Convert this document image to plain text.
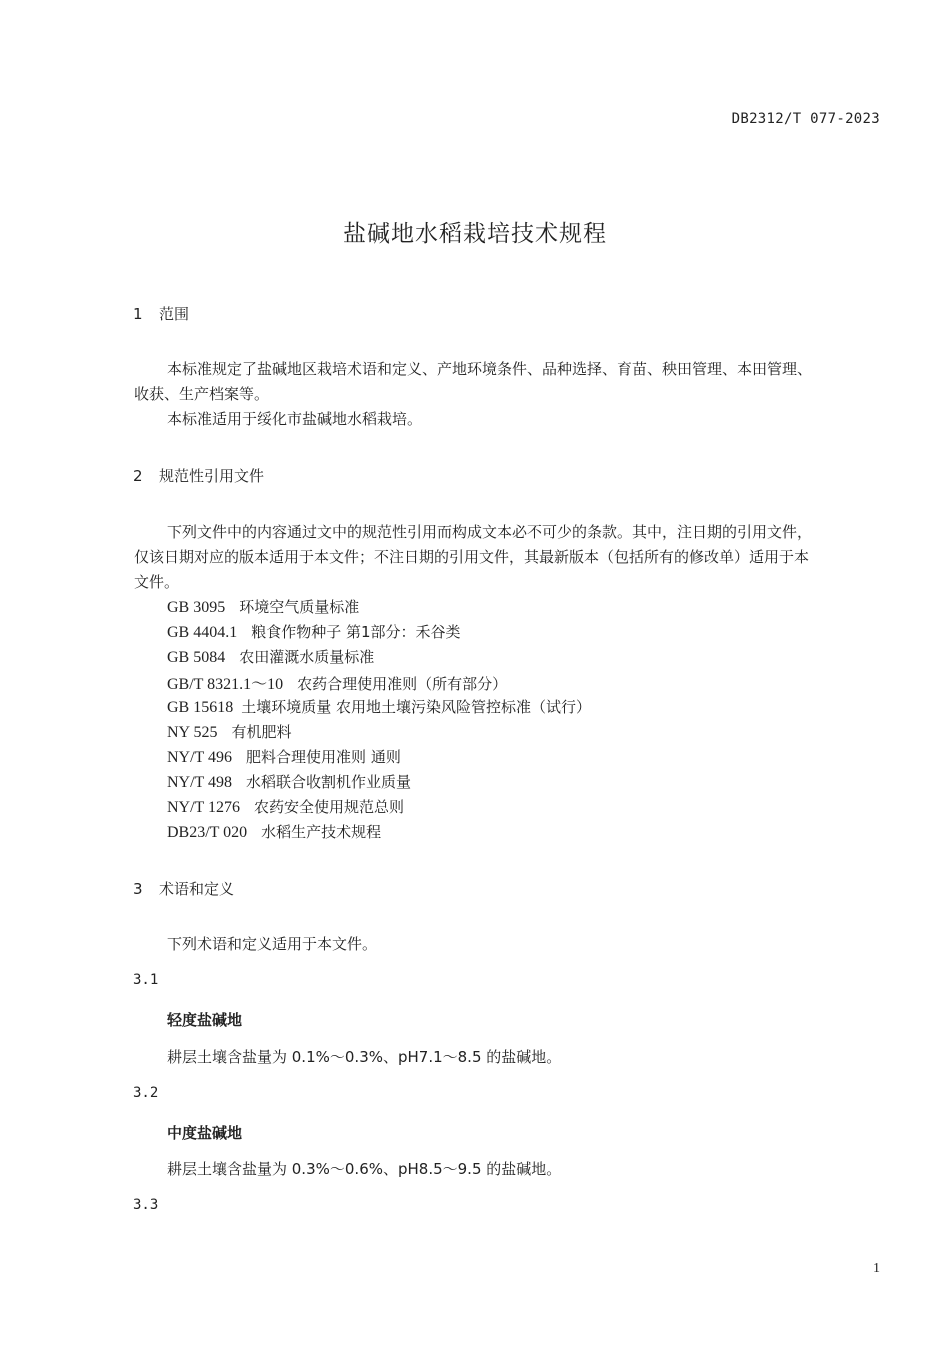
DB2312/T 077-2023
盐碱地水稻栽培技术规程
1 范围
本标准规定了盐碱地区栽培术语和定义、产地环境条件、品种选择、育苗、秧田管理、本田管理、
收获、生产档案等。
本标准适用于绥化市盐碱地水稻栽培。
2 规范性引用文件
下列文件中的内容通过文中的规范性引用而构成文本必不可少的条款。其中，注日期的引用文件，
仅该日期对应的版本适用于本文件；不注日期的引用文件，其最新版本（包括所有的修改单）适用于本
文件。
GB 3095 环境空气质量标准
GB 4404.1 粮食作物种子 第1部分：禾谷类
GB 5084 农田灌溉水质量标准
GB/T 8321.1～10 农药合理使用准则（所有部分）
GB 15618 土壤环境质量 农用地土壤污染风险管控标准（试行）
NY 525 有机肥料
NY/T 496 肥料合理使用准则 通则
NY/T 498 水稻联合收割机作业质量
NY/T 1276 农药安全使用规范总则
DB23/T 020 水稻生产技术规程
3 术语和定义
下列术语和定义适用于本文件。
3.1
轻度盐碱地
耕层土壤含盐量为 0.1%～0.3%、pH7.1～8.5 的盐碱地。
3.2
中度盐碱地
耕层土壤含盐量为 0.3%～0.6%、pH8.5～9.5 的盐碱地。
3.3
1
